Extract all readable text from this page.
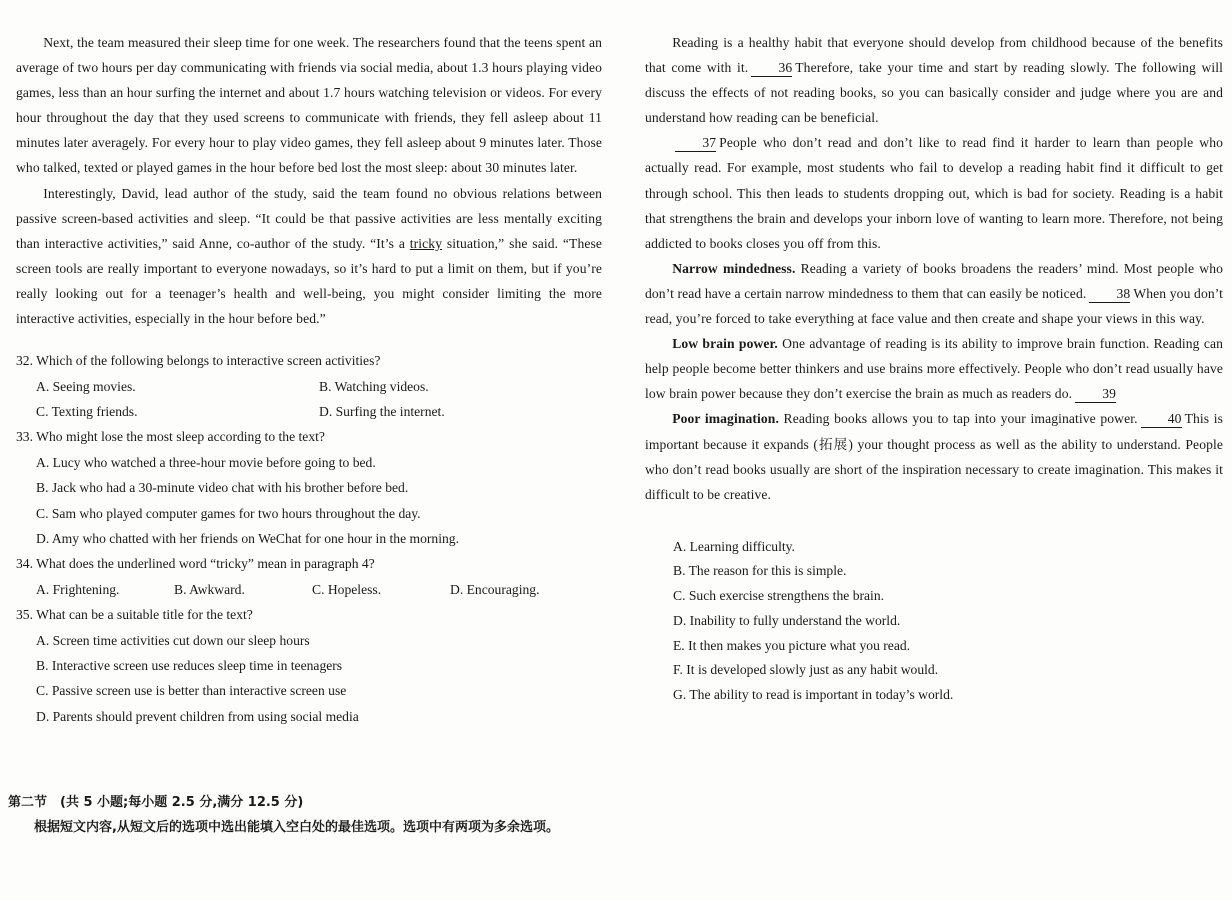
Next, the team measured their sleep time for one week. The researchers found that the teens spent an average of two hours per day communicating with friends via social media, about 1.3 hours playing video games, less than an hour surfing the internet and about 1.7 hours watching television or videos. For every hour throughout the day that they used screens to communicate with friends, they fell asleep about 11 minutes later averagely. For every hour to play video games, they fell asleep about 9 minutes later. Those who talked, texted or played games in the hour before bed lost the most sleep: about 30 minutes later.

Interestingly, David, lead author of the study, said the team found no obvious relations between passive screen-based activities and sleep. “It could be that passive activities are less mentally exciting than interactive activities,” said Anne, co-author of the study. “It’s a tricky situation,” she said. “These screen tools are really important to everyone nowadays, so it’s hard to put a limit on them, but if you’re really looking out for a teenager’s health and well-being, you might consider limiting the more interactive activities, especially in the hour before bed.”

32. Which of the following belongs to interactive screen activities?

A. Seeing movies.	B. Watching videos.
C. Texting friends.	D. Surfing the internet.

33. Who might lose the most sleep according to the text?

A. Lucy who watched a three-hour movie before going to bed.
B. Jack who had a 30-minute video chat with his brother before bed.
C. Sam who played computer games for two hours throughout the day.
D. Amy who chatted with her friends on WeChat for one hour in the morning.

34. What does the underlined word “tricky” mean in paragraph 4?

A. Frightening.	B. Awkward.	C. Hopeless.	D. Encouraging.

35. What can be a suitable title for the text?

A. Screen time activities cut down our sleep hours
B. Interactive screen use reduces sleep time in teenagers
C. Passive screen use is better than interactive screen use
D. Parents should prevent children from using social media
第二节　(共 5 小题;每小题 2.5 分,满分 12.5 分)

根据短文内容,从短文后的选项中选出能填入空白处的最佳选项。选项中有两项为多余选项。

Reading is a healthy habit that everyone should develop from childhood because of the benefits that come with it. 36 Therefore, take your time and start by reading slowly. The following will discuss the effects of not reading books, so you can basically consider and judge where you are and understand how reading can be beneficial.

37 People who don’t read and don’t like to read find it harder to learn than people who actually read. For example, most students who fail to develop a reading habit find it difficult to get through school. This then leads to students dropping out, which is bad for society. Reading is a habit that strengthens the brain and develops your inborn love of wanting to learn more. Therefore, not being addicted to books closes you off from this.

Narrow mindedness. Reading a variety of books broadens the readers’ mind. Most people who don’t read have a certain narrow mindedness to them that can easily be noticed. 38 When you don’t read, you’re forced to take everything at face value and then create and shape your views in this way.

Low brain power. One advantage of reading is its ability to improve brain function. Reading can help people become better thinkers and use brains more effectively. People who don’t read usually have low brain power because they don’t exercise the brain as much as readers do. 39

Poor imagination. Reading books allows you to tap into your imaginative power. 40 This is important because it expands (拓展) your thought process as well as the ability to understand. People who don’t read books usually are short of the inspiration necessary to create imagination. This makes it difficult to be creative.

A. Learning difficulty.
B. The reason for this is simple.
C. Such exercise strengthens the brain.
D. Inability to fully understand the world.
E. It then makes you picture what you read.
F. It is developed slowly just as any habit would.
G. The ability to read is important in today’s world.
